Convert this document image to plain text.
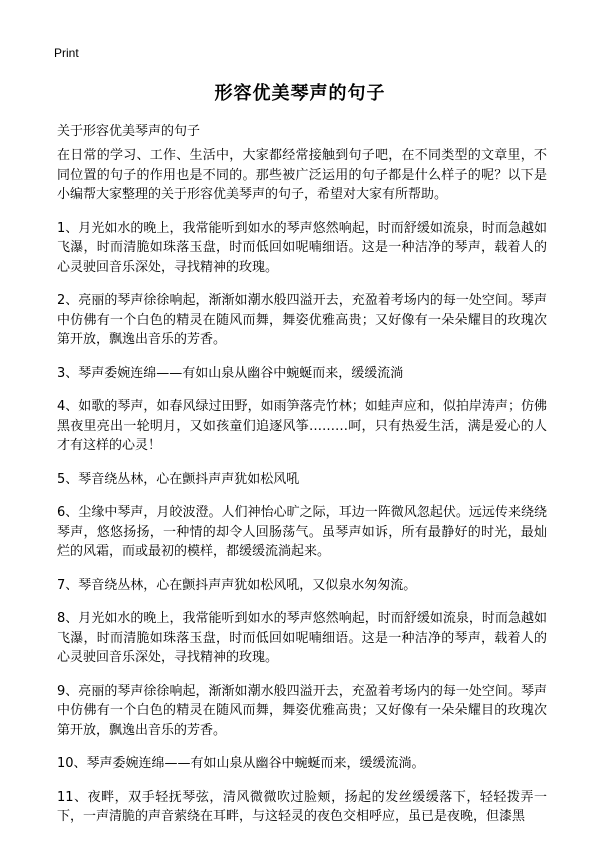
Print
形容优美琴声的句子

关于形容优美琴声的句子

在日常的学习、工作、生活中，大家都经常接触到句子吧，在不同类型的文章里，不同位置的句子的作用也是不同的。那些被广泛运用的句子都是什么样子的呢？以下是小编帮大家整理的关于形容优美琴声的句子，希望对大家有所帮助。

1、月光如水的晚上，我常能听到如水的琴声悠然响起，时而舒缓如流泉，时而急越如飞瀑，时而清脆如珠落玉盘，时而低回如呢喃细语。这是一种洁净的琴声，载着人的心灵驶回音乐深处，寻找精神的玫瑰。

2、亮丽的琴声徐徐响起，渐渐如潮水般四溢开去，充盈着考场内的每一处空间。琴声中仿佛有一个白色的精灵在随风而舞，舞姿优雅高贵；又好像有一朵朵耀目的玫瑰次第开放，飘逸出音乐的芳香。

3、琴声委婉连绵——有如山泉从幽谷中蜿蜒而来，缓缓流淌

4、如歌的琴声，如春风绿过田野，如雨笋落壳竹林；如蛙声应和，似拍岸涛声；仿佛黑夜里亮出一轮明月，又如孩童们追逐风筝………呵，只有热爱生活，满是爱心的人才有这样的心灵！

5、琴音绕丛林，心在颤抖声声犹如松风吼

6、尘缘中琴声，月皎波澄。人们神怡心旷之际，耳边一阵微风忽起伏。远远传来绕绕琴声，悠悠扬扬，一种情的却令人回肠荡气。虽琴声如诉，所有最静好的时光，最灿烂的风霜，而或最初的模样，都缓缓流淌起来。

7、琴音绕丛林，心在颤抖声声犹如松风吼，又似泉水匆匆流。

8、月光如水的晚上，我常能听到如水的琴声悠然响起，时而舒缓如流泉，时而急越如飞瀑，时而清脆如珠落玉盘，时而低回如呢喃细语。这是一种洁净的琴声，载着人的心灵驶回音乐深处，寻找精神的玫瑰。

9、亮丽的琴声徐徐响起，渐渐如潮水般四溢开去，充盈着考场内的每一处空间。琴声中仿佛有一个白色的精灵在随风而舞，舞姿优雅高贵；又好像有一朵朵耀目的玫瑰次第开放，飘逸出音乐的芳香。

10、琴声委婉连绵——有如山泉从幽谷中蜿蜒而来，缓缓流淌。

11、夜畔，双手轻抚琴弦，清风微微吹过脸颊，扬起的发丝缓缓落下，轻轻拨弄一下，一声清脆的声音萦绕在耳畔，与这轻灵的夜色交相呼应，虽已是夜晚，但漆黑
